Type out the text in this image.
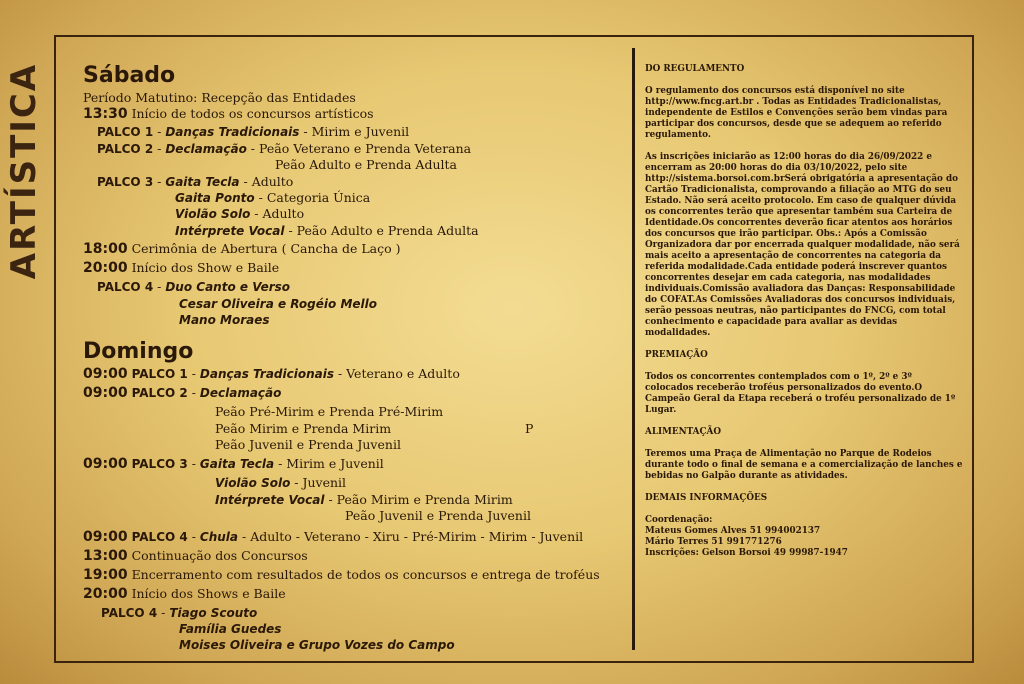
ARTÍSTICA Sábado
Período Matutino: Recepção das Entidades
13:30 Início de todos os concursos artísticos
PALCO 1 - Danças Tradicionais - Mirim e Juvenil
PALCO 2 - Declamação - Peão Veterano e Prenda Veterana
Peão Adulto e Prenda Adulta
PALCO 3 - Gaita Tecla - Adulto
Gaita Ponto - Categoria Única
Violão Solo - Adulto
Intérprete Vocal - Peão Adulto e Prenda Adulta
18:00 Cerimônia de Abertura ( Cancha de Laço )
20:00 Início dos Show e Baile
PALCO 4 - Duo Canto e Verso
Cesar Oliveira e Rogéio Mello
Mano Moraes
Domingo
09:00 PALCO 1 - Danças Tradicionais - Veterano e Adulto
09:00 PALCO 2 - Declamação
Peão Pré-Mirim e Prenda Pré-Mirim
Peão Mirim e Prenda Mirim	P
Peão Juvenil e Prenda Juvenil
09:00 PALCO 3 - Gaita Tecla - Mirim e Juvenil
Violão Solo - Juvenil
Intérprete Vocal - Peão Mirim e Prenda Mirim
Peão Juvenil e Prenda Juvenil
09:00 PALCO 4 - Chula - Adulto - Veterano - Xiru - Pré-Mirim - Mirim - Juvenil
13:00 Continuação dos Concursos
19:00 Encerramento com resultados de todos os concursos e entrega de troféus
20:00 Início dos Shows e Baile
PALCO 4 - Tiago Scouto
Família Guedes
Moises Oliveira e Grupo Vozes do Campo

DO REGULAMENTO

O regulamento dos concursos está disponível no site http://www.fncg.art.br . Todas as Entidades Tradicionalistas, independente de Estilos e Convenções serão bem vindas para participar dos concursos, desde que se adequem ao referido regulamento.

As inscrições iniciarão as 12:00 horas do dia 26/09/2022 e encerram as 20:00 horas do dia 03/10/2022, pelo site http://sistema.borsoi.com.brSerá obrigatória a apresentação do Cartão Tradicionalista, comprovando a filiação ao MTG do seu Estado. Não será aceito protocolo. Em caso de qualquer dúvida os concorrentes terão que apresentar também sua Carteira de Identidade.Os concorrentes deverão ficar atentos aos horários dos concursos que irão participar. Obs.: Após a Comissão Organizadora dar por encerrada qualquer modalidade, não será mais aceito a apresentação de concorrentes na categoria da referida modalidade.Cada entidade poderá inscrever quantos concorrentes desejar em cada categoria, nas modalidades individuais.Comissão avaliadora das Danças: Responsabilidade do COFAT.As Comissões Avaliadoras dos concursos individuais, serão pessoas neutras, não participantes do FNCG, com total conhecimento e capacidade para avaliar as devidas modalidades.

PREMIAÇÃO

Todos os concorrentes contemplados com o 1º, 2º e 3º colocados receberão troféus personalizados do evento.O Campeão Geral da Etapa receberá o troféu personalizado de 1º Lugar.

ALIMENTAÇÃO

Teremos uma Praça de Alimentação no Parque de Rodeios durante todo o final de semana e a comercialização de lanches e bebidas no Galpão durante as atividades.

DEMAIS INFORMAÇÕES

Coordenação:
Mateus Gomes Alves 51 994002137
Mário Terres 51 991771276
Inscrições: Gelson Borsoi 49 99987-1947
